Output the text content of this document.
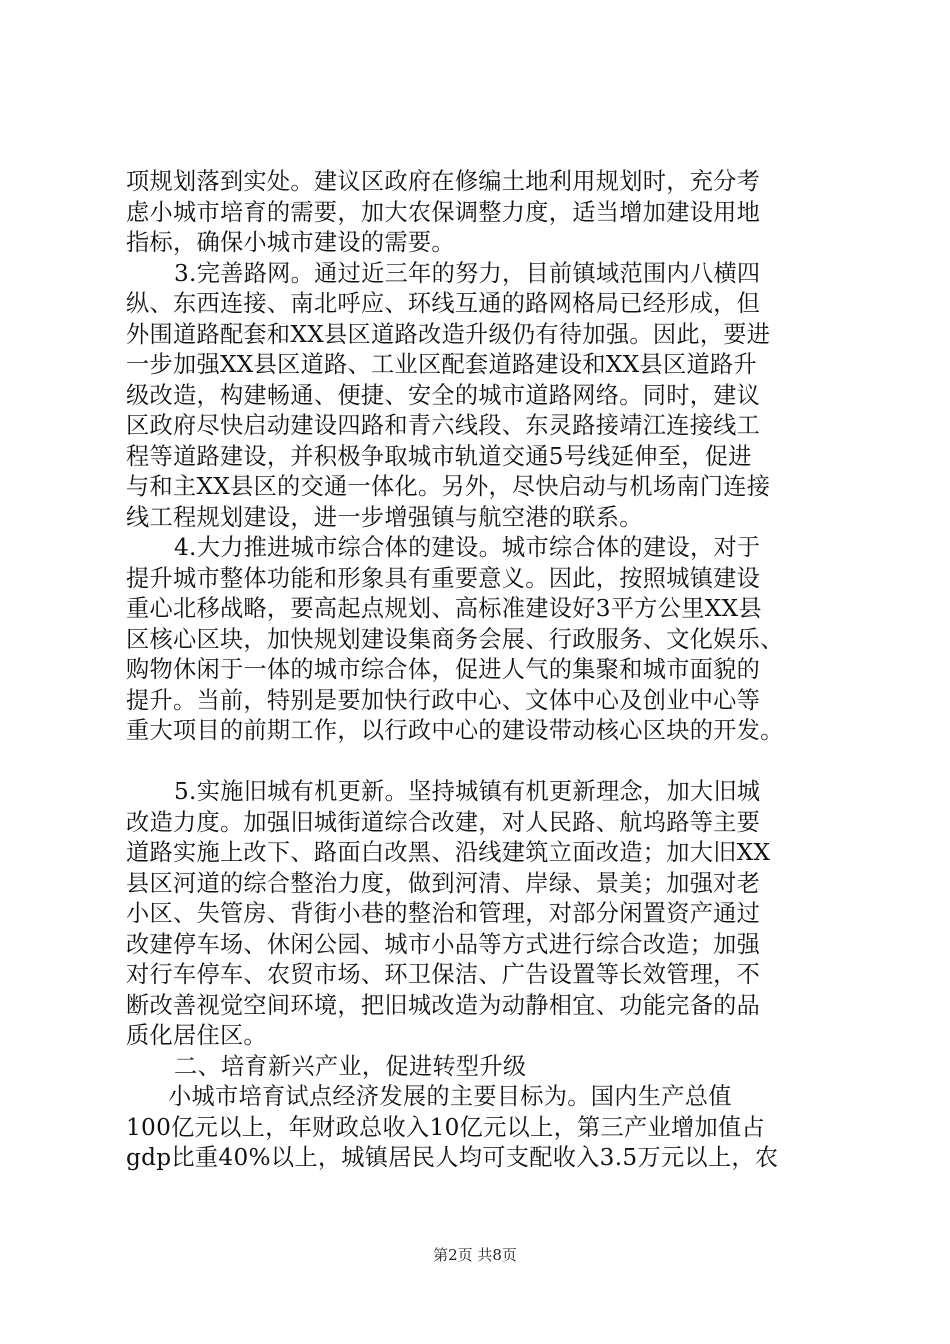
项规划落到实处。建议区政府在修编土地利用规划时，充分考
虑小城市培育的需要，加大农保调整力度，适当增加建设用地
指标，确保小城市建设的需要。
3.完善路网。通过近三年的努力，目前镇域范围内八横四
纵、东西连接、南北呼应、环线互通的路网格局已经形成，但
外围道路配套和XX县区道路改造升级仍有待加强。因此，要进
一步加强XX县区道路、工业区配套道路建设和XX县区道路升
级改造，构建畅通、便捷、安全的城市道路网络。同时，建议
区政府尽快启动建设四路和青六线段、东灵路接靖江连接线工
程等道路建设，并积极争取城市轨道交通5号线延伸至，促进
与和主XX县区的交通一体化。另外，尽快启动与机场南门连接
线工程规划建设，进一步增强镇与航空港的联系。
4.大力推进城市综合体的建设。城市综合体的建设，对于
提升城市整体功能和形象具有重要意义。因此，按照城镇建设
重心北移战略，要高起点规划、高标准建设好3平方公里XX县
区核心区块，加快规划建设集商务会展、行政服务、文化娱乐、
购物休闲于一体的城市综合体，促进人气的集聚和城市面貌的
提升。当前，特别是要加快行政中心、文体中心及创业中心等
重大项目的前期工作，以行政中心的建设带动核心区块的开发。
5.实施旧城有机更新。坚持城镇有机更新理念，加大旧城
改造力度。加强旧城街道综合改建，对人民路、航坞路等主要
道路实施上改下、路面白改黑、沿线建筑立面改造；加大旧XX
县区河道的综合整治力度，做到河清、岸绿、景美；加强对老
小区、失管房、背街小巷的整治和管理，对部分闲置资产通过
改建停车场、休闲公园、城市小品等方式进行综合改造；加强
对行车停车、农贸市场、环卫保洁、广告设置等长效管理，不
断改善视觉空间环境，把旧城改造为动静相宜、功能完备的品
质化居住区。
二、培育新兴产业，促进转型升级
小城市培育试点经济发展的主要目标为。国内生产总值
100亿元以上，年财政总收入10亿元以上，第三产业增加值占
gdp比重40%以上，城镇居民人均可支配收入3.5万元以上，农
第2页 共8页
